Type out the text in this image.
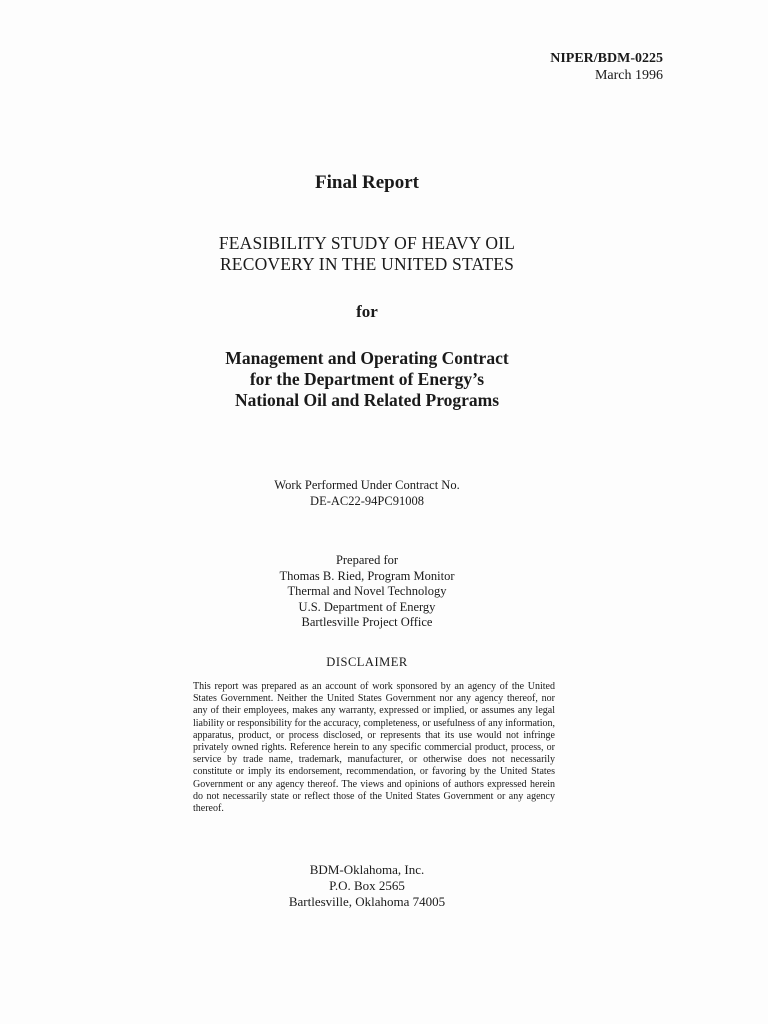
NIPER/BDM-0225
March 1996
Final Report
FEASIBILITY STUDY OF HEAVY OIL
RECOVERY IN THE UNITED STATES
for
Management and Operating Contract
for the Department of Energy’s
National Oil and Related Programs
Work Performed Under Contract No.
DE-AC22-94PC91008
Prepared for
Thomas B. Ried, Program Monitor
Thermal and Novel Technology
U.S. Department of Energy
Bartlesville Project Office
DISCLAIMER
This report was prepared as an account of work sponsored by an agency of the United States Government. Neither the United States Government nor any agency thereof, nor any of their employees, makes any warranty, expressed or implied, or assumes any legal liability or responsibility for the accuracy, completeness, or usefulness of any information, apparatus, product, or process disclosed, or represents that its use would not infringe privately owned rights. Reference herein to any specific commercial product, process, or service by trade name, trademark, manufacturer, or otherwise does not necessarily constitute or imply its endorsement, recommendation, or favoring by the United States Government or any agency thereof. The views and opinions of authors expressed herein do not necessarily state or reflect those of the United States Government or any agency thereof.
BDM-Oklahoma, Inc.
P.O. Box 2565
Bartlesville, Oklahoma 74005
